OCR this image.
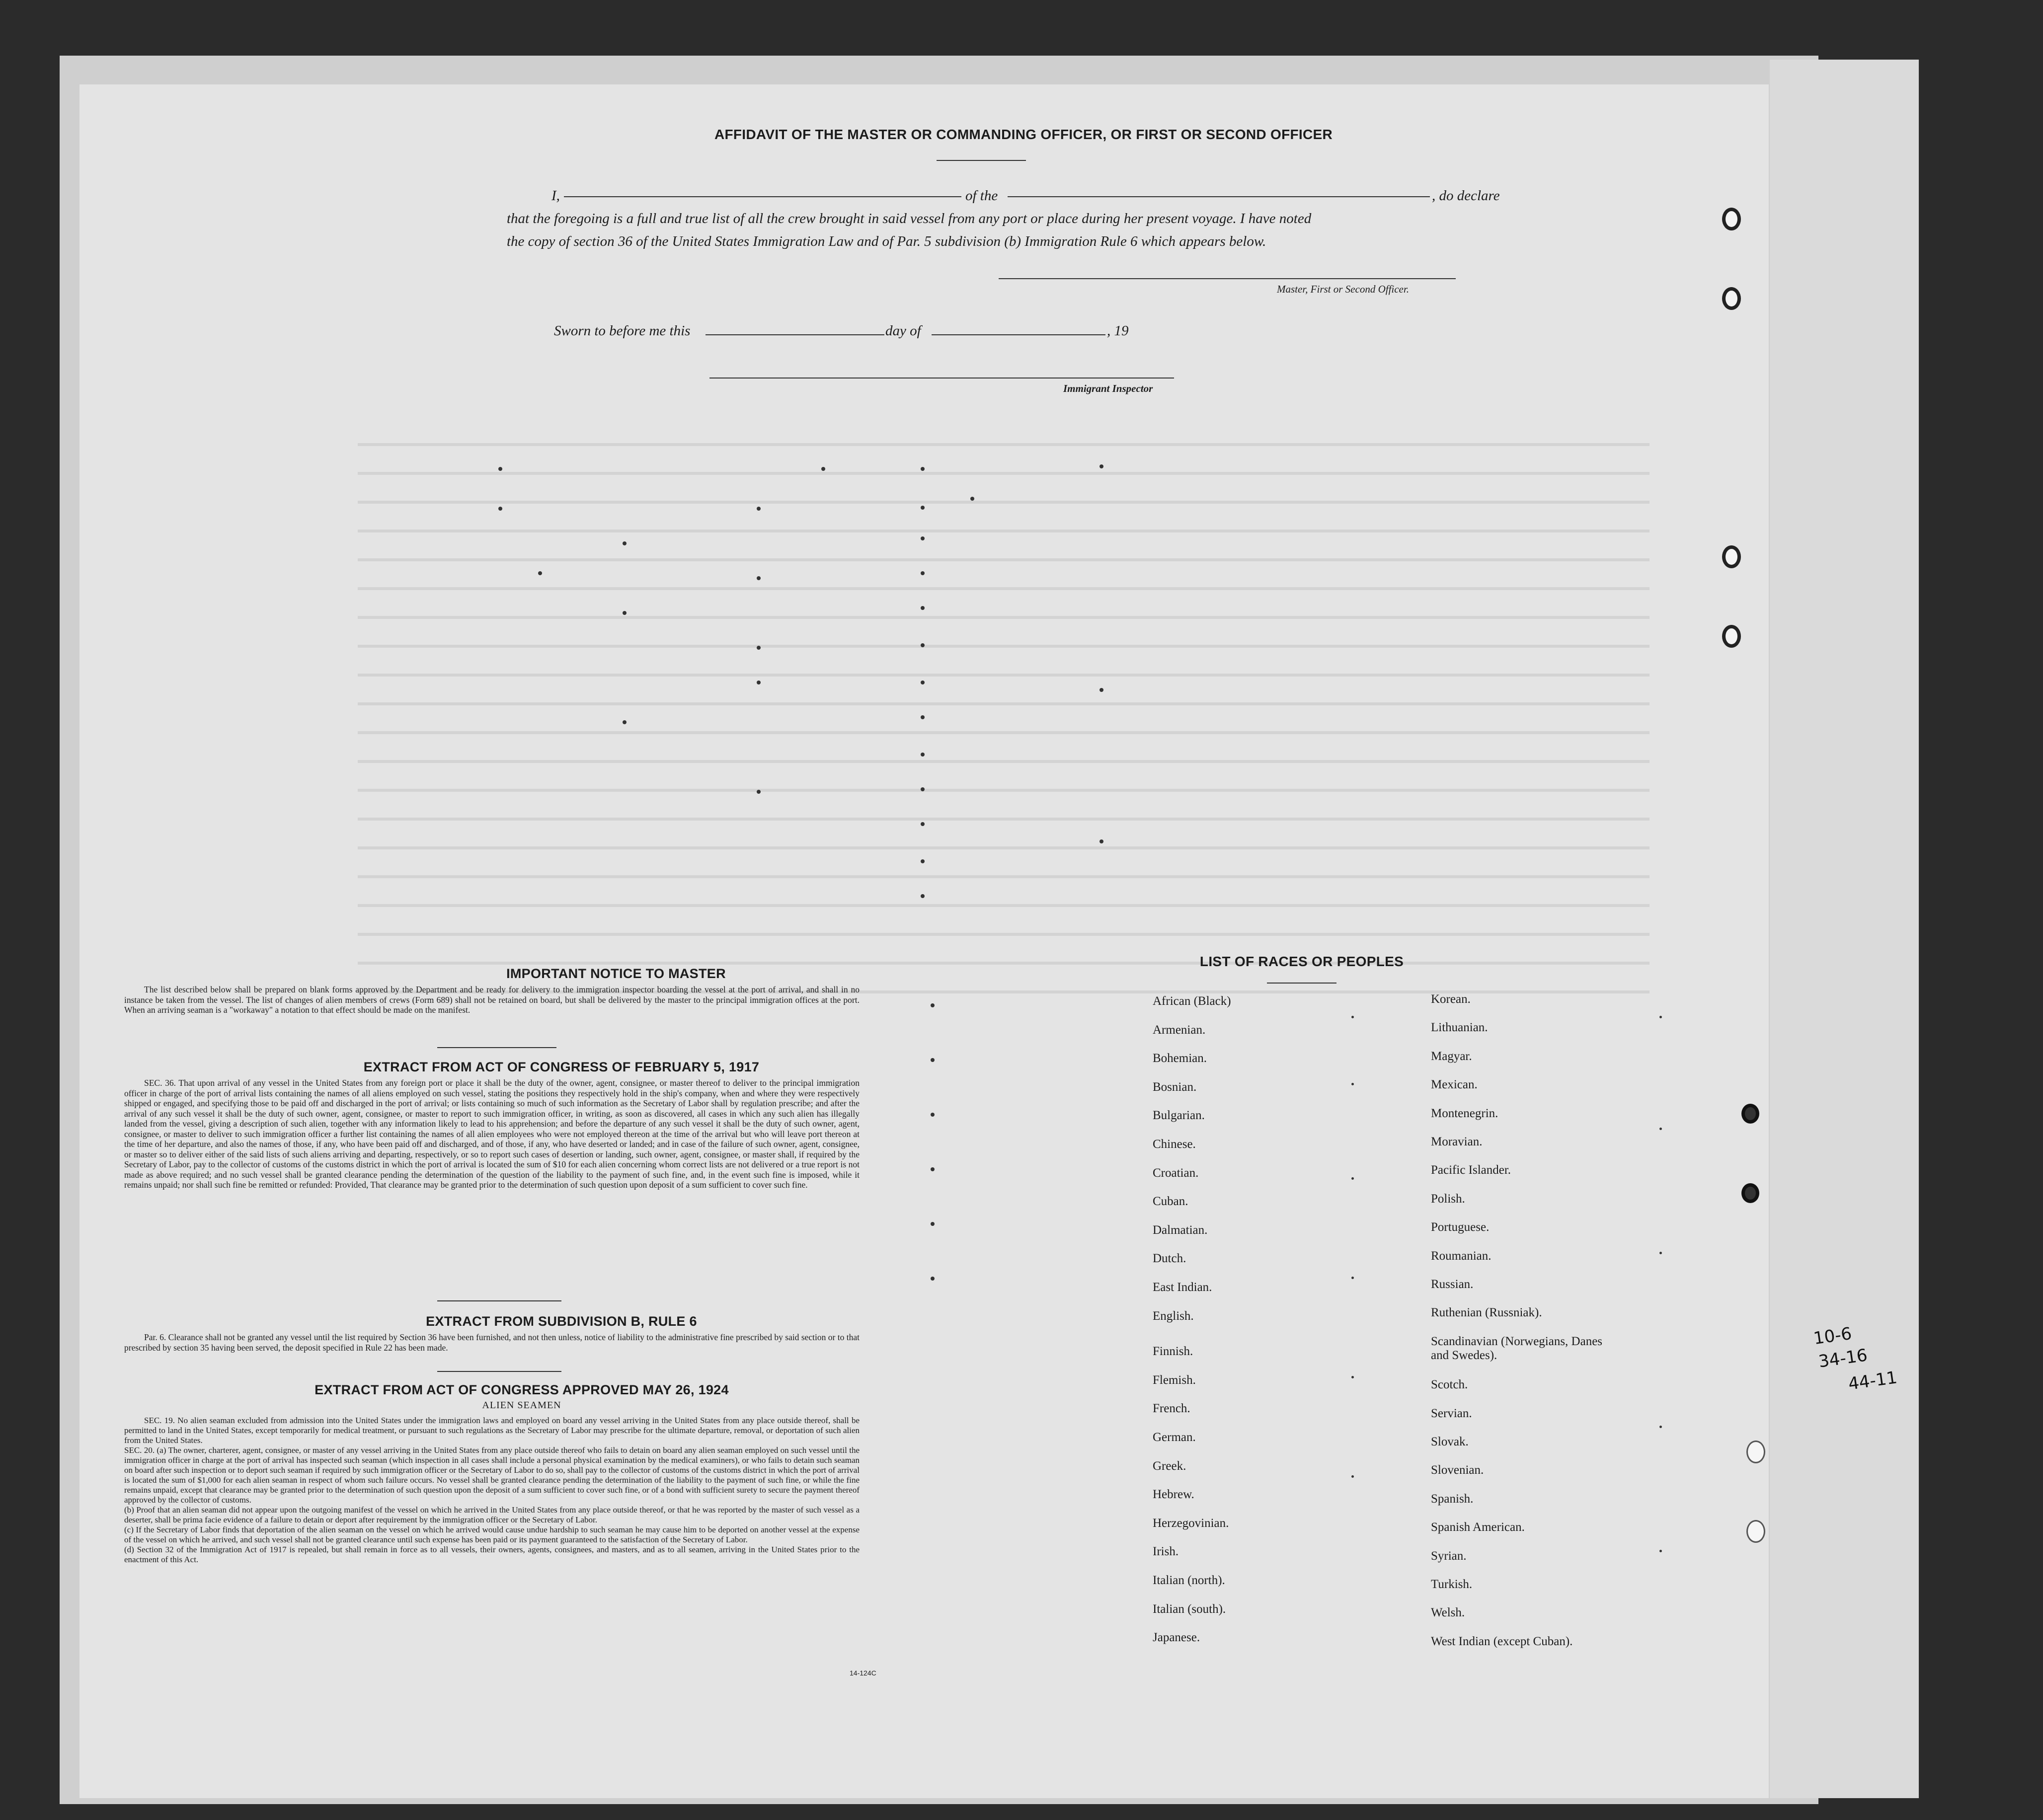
AFFIDAVIT OF THE MASTER OR COMMANDING OFFICER, OR FIRST OR SECOND OFFICER
I,	of the	, do declare
that the foregoing is a full and true list of all the crew brought in said vessel from any port or place during her present voyage. I have noted
the copy of section 36 of the United States Immigration Law and of Par. 5 subdivision (b) Immigration Rule 6 which appears below.
Master, First or Second Officer.
Sworn to before me this	day of	, 19
Immigrant Inspector
IMPORTANT NOTICE TO MASTER
The list described below shall be prepared on blank forms approved by the Department and be ready for delivery to the immigration inspector boarding the vessel at the port of arrival, and shall in no instance be taken from the vessel. The list of changes of alien members of crews (Form 689) shall not be retained on board, but shall be delivered by the master to the principal immigration offices at the port. When an arriving seaman is a "workaway" a notation to that effect should be made on the manifest.
EXTRACT FROM ACT OF CONGRESS OF FEBRUARY 5, 1917
SEC. 36. That upon arrival of any vessel in the United States from any foreign port or place it shall be the duty of the owner, agent, consignee, or master thereof to deliver to the principal immigration officer in charge of the port of arrival lists containing the names of all aliens employed on such vessel, stating the positions they respectively hold in the ship's company, when and where they were respectively shipped or engaged, and specifying those to be paid off and discharged in the port of arrival; or lists containing so much of such information as the Secretary of Labor shall by regulation prescribe; and after the arrival of any such vessel it shall be the duty of such owner, agent, consignee, or master to report to such immigration officer, in writing, as soon as discovered, all cases in which any such alien has illegally landed from the vessel, giving a description of such alien, together with any information likely to lead to his apprehension; and before the departure of any such vessel it shall be the duty of such owner, agent, consignee, or master to deliver to such immigration officer a further list containing the names of all alien employees who were not employed thereon at the time of the arrival but who will leave port thereon at the time of her departure, and also the names of those, if any, who have been paid off and discharged, and of those, if any, who have deserted or landed; and in case of the failure of such owner, agent, consignee, or master so to deliver either of the said lists of such aliens arriving and departing, respectively, or so to report such cases of desertion or landing, such owner, agent, consignee, or master shall, if required by the Secretary of Labor, pay to the collector of customs of the customs district in which the port of arrival is located the sum of $10 for each alien concerning whom correct lists are not delivered or a true report is not made as above required; and no such vessel shall be granted clearance pending the determination of the question of the liability to the payment of such fine, and, in the event such fine is imposed, while it remains unpaid; nor shall such fine be remitted or refunded: Provided, That clearance may be granted prior to the determination of such question upon deposit of a sum sufficient to cover such fine.
EXTRACT FROM SUBDIVISION B, RULE 6
Par. 6. Clearance shall not be granted any vessel until the list required by Section 36 have been furnished, and not then unless, notice of liability to the administrative fine prescribed by said section or to that prescribed by section 35 having been served, the deposit specified in Rule 22 has been made.
EXTRACT FROM ACT OF CONGRESS APPROVED MAY 26, 1924
ALIEN SEAMEN
SEC. 19. No alien seaman excluded from admission into the United States under the immigration laws and employed on board any vessel arriving in the United States from any place outside thereof, shall be permitted to land in the United States, except temporarily for medical treatment, or pursuant to such regulations as the Secretary of Labor may prescribe for the ultimate departure, removal, or deportation of such alien from the United States.
SEC. 20. (a) The owner, charterer, agent, consignee, or master of any vessel arriving in the United States from any place outside thereof who fails to detain on board any alien seaman employed on such vessel until the immigration officer in charge at the port of arrival has inspected such seaman (which inspection in all cases shall include a personal physical examination by the medical examiners), or who fails to detain such seaman on board after such inspection or to deport such seaman if required by such immigration officer or the Secretary of Labor to do so, shall pay to the collector of customs of the customs district in which the port of arrival is located the sum of $1,000 for each alien seaman in respect of whom such failure occurs. No vessel shall be granted clearance pending the determination of the liability to the payment of such fine, or while the fine remains unpaid, except that clearance may be granted prior to the determination of such question upon the deposit of a sum sufficient to cover such fine, or of a bond with sufficient surety to secure the payment thereof approved by the collector of customs.
(b) Proof that an alien seaman did not appear upon the outgoing manifest of the vessel on which he arrived in the United States from any place outside thereof, or that he was reported by the master of such vessel as a deserter, shall be prima facie evidence of a failure to detain or deport after requirement by the immigration officer or the Secretary of Labor.
(c) If the Secretary of Labor finds that deportation of the alien seaman on the vessel on which he arrived would cause undue hardship to such seaman he may cause him to be deported on another vessel at the expense of the vessel on which he arrived, and such vessel shall not be granted clearance until such expense has been paid or its payment guaranteed to the satisfaction of the Secretary of Labor.
(d) Section 32 of the Immigration Act of 1917 is repealed, but shall remain in force as to all vessels, their owners, agents, consignees, and masters, and as to all seamen, arriving in the United States prior to the enactment of this Act.
14-124C
LIST OF RACES OR PEOPLES
African (Black)
Armenian.
Bohemian.
Bosnian.
Bulgarian.
Chinese.
Croatian.
Cuban.
Dalmatian.
Dutch.
East Indian.
English.
Finnish.
Flemish.
French.
German.
Greek.
Hebrew.
Herzegovinian.
Irish.
Italian (north).
Italian (south).
Japanese.
Korean.
Lithuanian.
Magyar.
Mexican.
Montenegrin.
Moravian.
Pacific Islander.
Polish.
Portuguese.
Roumanian.
Russian.
Ruthenian (Russniak).
Scandinavian (Norwegians, Danes and Swedes).
Scotch.
Servian.
Slovak.
Slovenian.
Spanish.
Spanish American.
Syrian.
Turkish.
Welsh.
West Indian (except Cuban).
10-6
34-16
44-11
